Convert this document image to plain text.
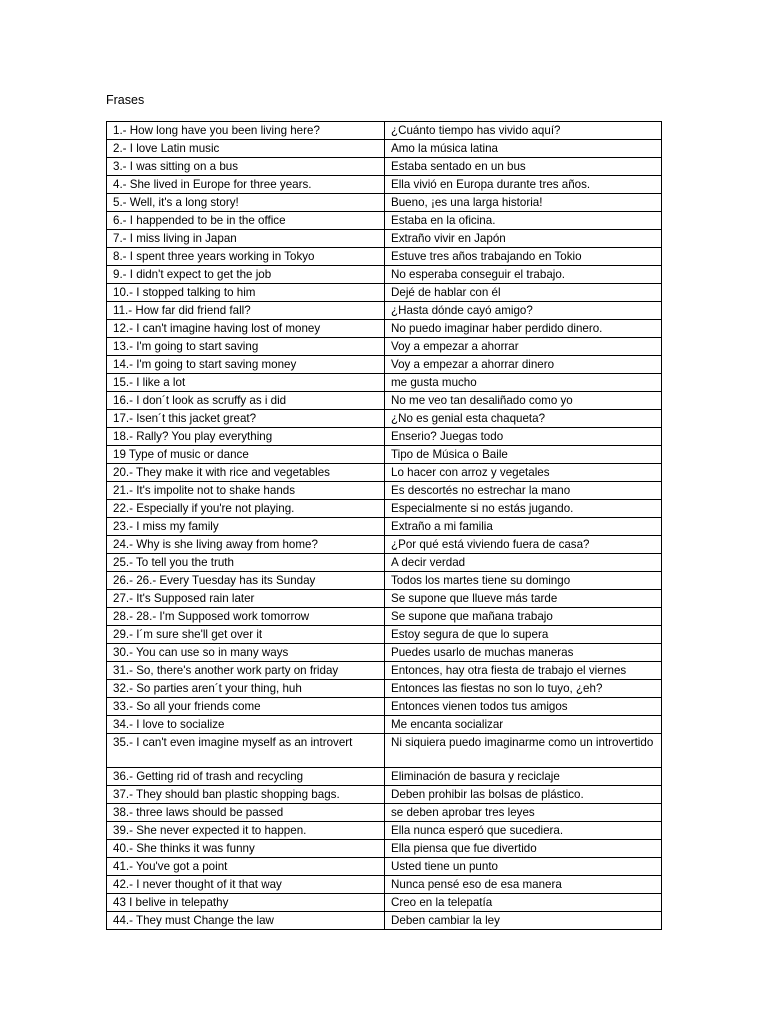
Frases
1.- How long have you been living here?	¿Cuánto tiempo has vivido aquí?
2.- I love Latin music	Amo la música latina
3.- I was sitting on a bus	Estaba sentado en un bus
4.- She lived in Europe for three years.	Ella vivió en Europa durante tres años.
5.- Well, it's a long story!	Bueno, ¡es una larga historia!
6.- I happended to be in the office	Estaba en la oficina.
7.- I miss living in Japan	Extraño vivir en Japón
8.- I spent three years working in Tokyo	Estuve tres años trabajando en Tokio
9.- I didn't expect to get the job	No esperaba conseguir el trabajo.
10.- I stopped talking to him	Dejé de hablar con él
11.- How far did friend fall?	¿Hasta dónde cayó amigo?
12.- I can't imagine having lost of money	No puedo imaginar haber perdido dinero.
13.- I'm going to start saving	Voy a empezar a ahorrar
14.- I'm going to start saving money	Voy a empezar a ahorrar dinero
15.- I like a lot	me gusta mucho
16.- I don´t look as scruffy as i did	No me veo tan desaliñado como yo
17.- Isen´t this jacket great?	¿No es genial esta chaqueta?
18.- Rally? You play everything	Enserio? Juegas todo
19 Type of music or dance	Tipo de Música o Baile
20.- They make it with rice and vegetables	Lo hacer con arroz y vegetales
21.- It's impolite not to shake hands	Es descortés no estrechar la mano
22.- Especially if you're not playing.	Especialmente si no estás jugando.
23.- I miss my family	Extraño a mi familia
24.- Why is she living away from home?	¿Por qué está viviendo fuera de casa?
25.- To tell you the truth	A decir verdad
26.- 26.- Every Tuesday has its Sunday	Todos los martes tiene su domingo
27.- It's Supposed rain later	Se supone que llueve más tarde
28.- 28.- I'm Supposed work tomorrow	Se supone que mañana trabajo
29.- I´m sure she'll get over it	Estoy segura de que lo supera
30.- You can use so in many ways	Puedes usarlo de muchas maneras
31.- So, there's another work party on friday	Entonces, hay otra fiesta de trabajo el viernes
32.- So parties aren´t your thing, huh	Entonces las fiestas no son lo tuyo, ¿eh?
33.- So all your friends come	Entonces vienen todos tus amigos
34.- I love to socialize	Me encanta socializar
35.- I can't even imagine myself as an introvert	Ni siquiera puedo imaginarme como un introvertido
36.- Getting rid of trash and recycling	Eliminación de basura y reciclaje
37.- They should ban plastic shopping bags.	Deben prohibir las bolsas de plástico.
38.- three laws should be passed	se deben aprobar tres leyes
39.- She never expected it to happen.	Ella nunca esperó que sucediera.
40.- She thinks it was funny	Ella piensa que fue divertido
41.- You've got a point	Usted tiene un punto
42.- I never thought of it that way	Nunca pensé eso de esa manera
43 I belive in telepathy	Creo en la telepatía
44.- They must Change the law	Deben cambiar la ley
